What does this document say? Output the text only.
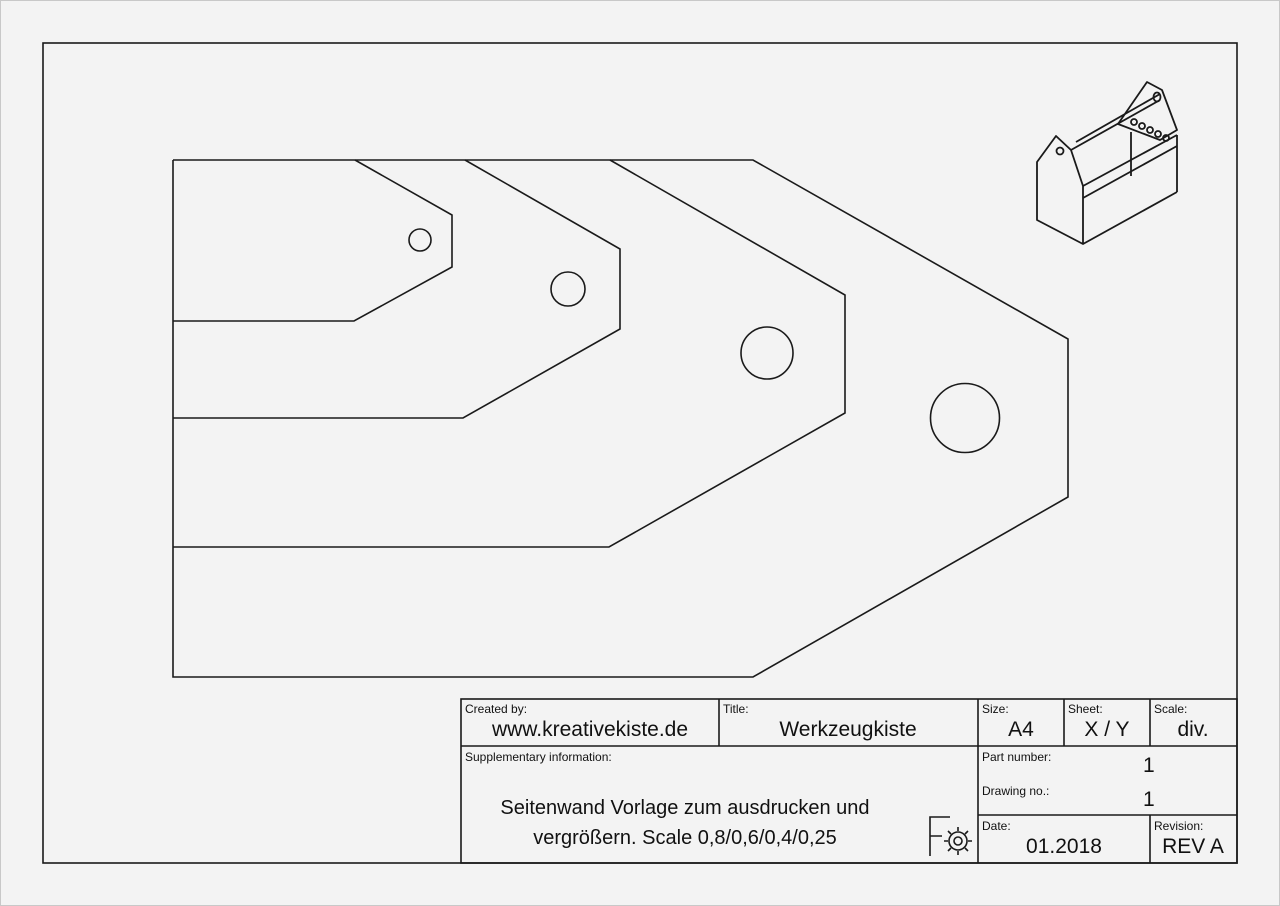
Created by:
www.kreativekiste.de
Title:
Werkzeugkiste
Size:
A4
Sheet:
X / Y
Scale:
div.
Supplementary information:
Seitenwand Vorlage zum ausdrucken und
vergrößern. Scale 0,8/0,6/0,4/0,25
Part number:	1
Drawing no.:	1
Date:
01.2018
Revision:
REV A
